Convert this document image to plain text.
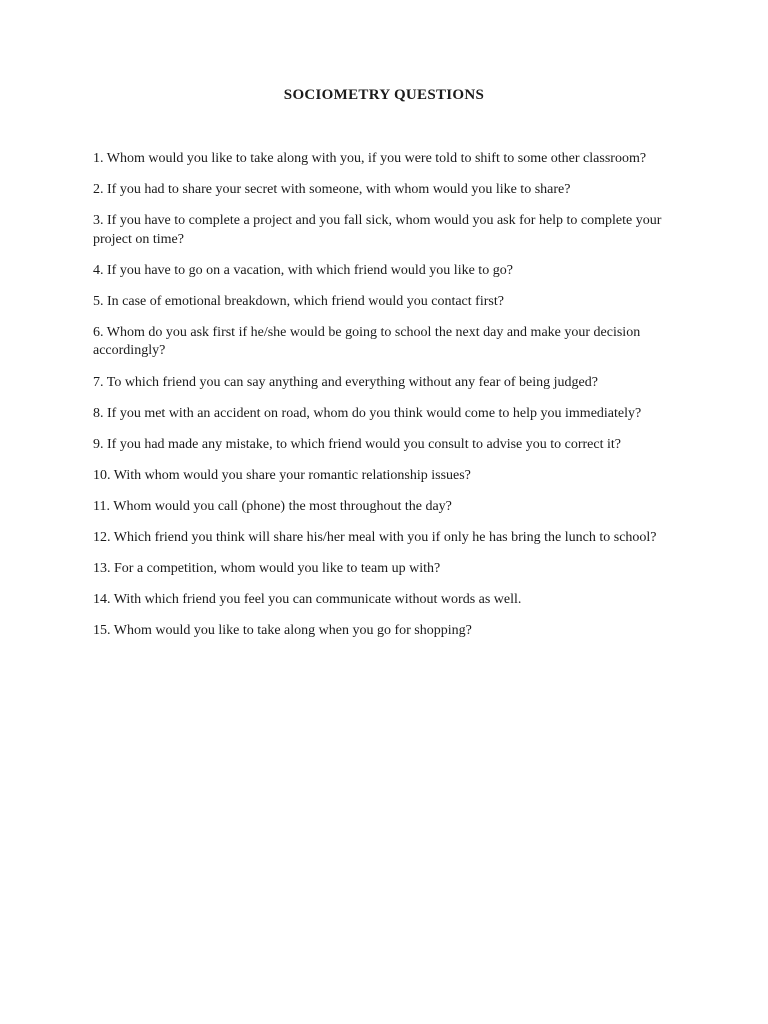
SOCIOMETRY QUESTIONS
1. Whom would you like to take along with you, if you were told to shift to some other classroom?
2. If you had to share your secret with someone, with whom would you like to share?
3. If you have to complete a project and you fall sick, whom would you ask for help to complete your project on time?
4. If you have to go on a vacation, with which friend would you like to go?
5. In case of emotional breakdown, which friend would you contact first?
6. Whom do you ask first if he/she would be going to school the next day and make your decision accordingly?
7. To which friend you can say anything and everything without any fear of being judged?
8. If you met with an accident on road, whom do you think would come to help you immediately?
9. If you had made any mistake, to which friend would you consult to advise you to correct it?
10. With whom would you share your romantic relationship issues?
11. Whom would you call (phone) the most throughout the day?
12. Which friend you think will share his/her meal with you if only he has bring the lunch to school?
13. For a competition, whom would you like to team up with?
14. With which friend you feel you can communicate without words as well.
15. Whom would you like to take along when you go for shopping?
